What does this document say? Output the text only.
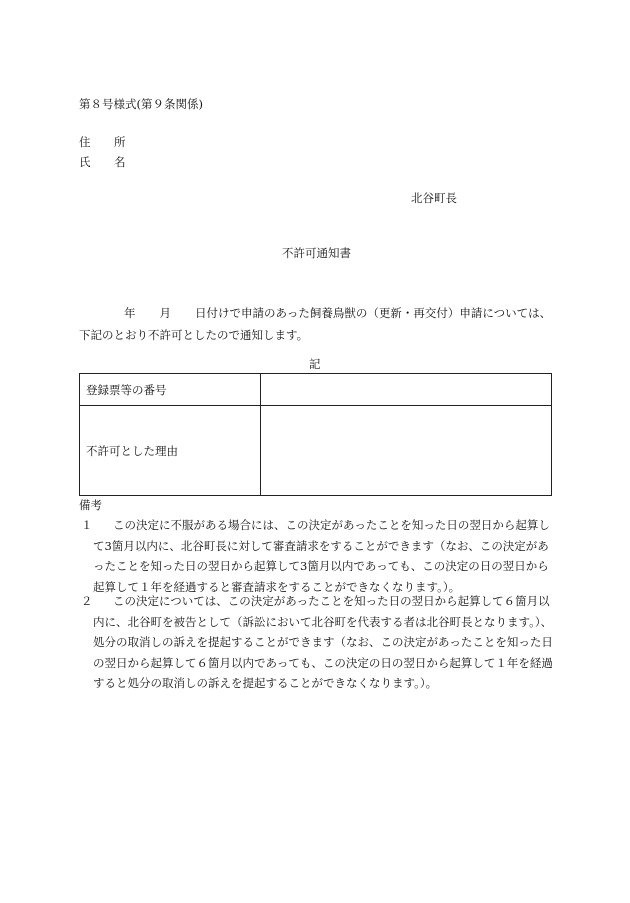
第８号様式(第９条関係)
住 所
氏 名
北谷町長
不許可通知書
年 月 日付けで申請のあった飼養鳥獣の（更新・再交付）申請については、下記のとおり不許可としたので通知します。
記
登録票等の番号	
不許可とした理由	
備考
１	この決定に不服がある場合には、この決定があったことを知った日の翌日から起算して3箇月以内に、北谷町長に対して審査請求をすることができます（なお、この決定があったことを知った日の翌日から起算して3箇月以内であっても、この決定の日の翌日から起算して１年を経過すると審査請求をすることができなくなります。）。
２	この決定については、この決定があったことを知った日の翌日から起算して６箇月以内に、北谷町を被告として（訴訟において北谷町を代表する者は北谷町長となります。）、処分の取消しの訴えを提起することができます（なお、この決定があったことを知った日の翌日から起算して６箇月以内であっても、この決定の日の翌日から起算して１年を経過すると処分の取消しの訴えを提起することができなくなります。）。
